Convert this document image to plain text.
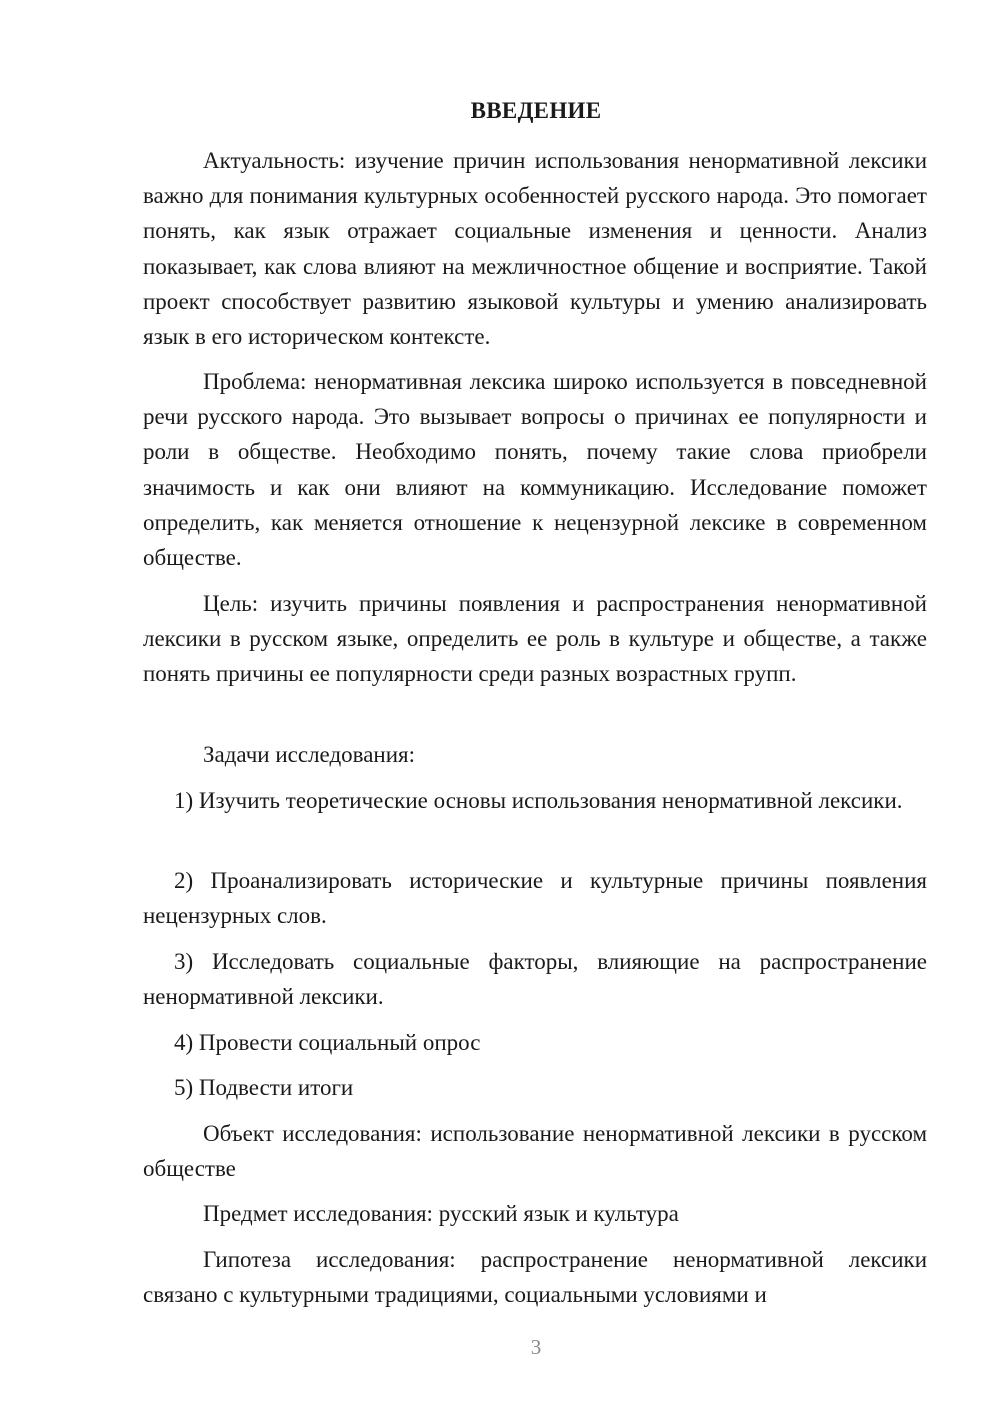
ВВЕДЕНИЕ
Актуальность: изучение причин использования ненормативной лексики важно для понимания культурных особенностей русского народа. Это помогает понять, как язык отражает социальные изменения и ценности. Анализ показывает, как слова влияют на межличностное общение и восприятие. Такой проект способствует развитию языковой культуры и умению анализировать язык в его историческом контексте.
Проблема: ненормативная лексика широко используется в повседневной речи русского народа. Это вызывает вопросы о причинах ее популярности и роли в обществе. Необходимо понять, почему такие слова приобрели значимость и как они влияют на коммуникацию. Исследование поможет определить, как меняется отношение к нецензурной лексике в современном обществе.
Цель: изучить причины появления и распространения ненормативной лексики в русском языке, определить ее роль в культуре и обществе, а также понять причины ее популярности среди разных возрастных групп.
Задачи исследования:
1) Изучить теоретические основы использования ненормативной лексики.
2) Проанализировать исторические и культурные причины появления нецензурных слов.
3) Исследовать социальные факторы, влияющие на распространение ненормативной лексики.
4) Провести социальный опрос
5) Подвести итоги
Объект исследования: использование ненормативной лексики в русском обществе
Предмет исследования: русский язык и культура
Гипотеза исследования: распространение ненормативной лексики связано с культурными традициями, социальными условиями и
3
